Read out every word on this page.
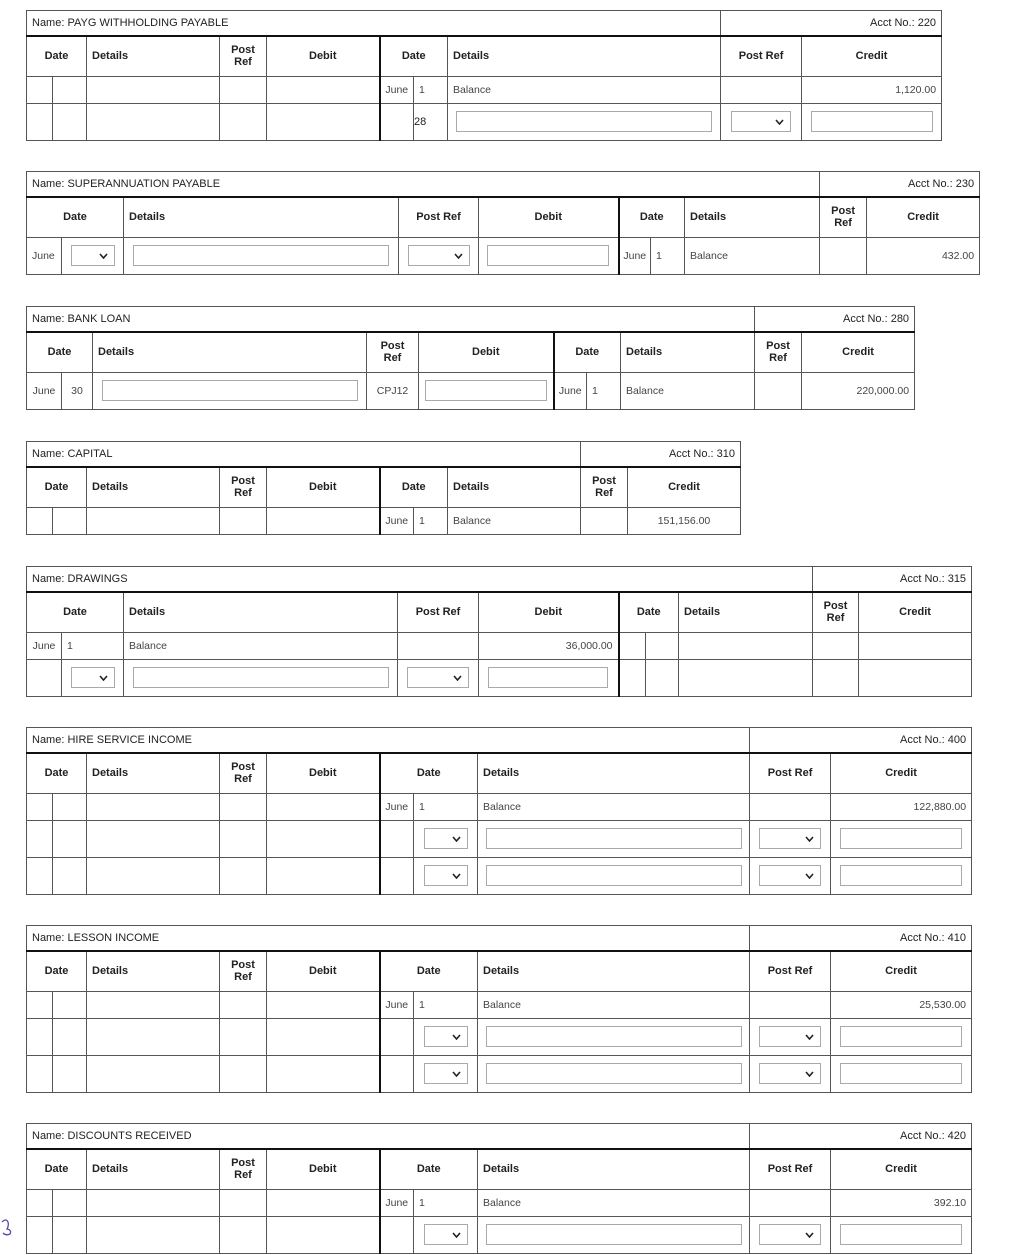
Name: PAYG WITHHOLDING PAYABLE								Acct No.: 220	
Date		Details	Post
Ref	Debit	Date		Details	Post Ref	Credit
					June	1	Balance		1,120.00
						28	

Name: SUPERANNUATION PAYABLE								Acct No.: 230	
Date		Details	Post Ref	Debit	Date		Details	Post
Ref	Credit
June					June	1	Balance		432.00
Name: BANK LOAN								Acct No.: 280	
Date		Details	Post
Ref	Debit	Date		Details	Post
Ref	Credit
June	30		CPJ12		June	1	Balance		220,000.00
Name: CAPITAL								Acct No.: 310	
Date		Details	Post
Ref	Debit	Date		Details	Post
Ref	Credit
					June	1	Balance		151,156.00
Name: DRAWINGS								Acct No.: 315	
Date		Details	Post Ref	Debit	Date		Details	Post
Ref	Credit
June	1	Balance		36,000.00					

Name: HIRE SERVICE INCOME								Acct No.: 400	
Date		Details	Post
Ref	Debit	Date		Details	Post Ref	Credit
					June	1	Balance		122,880.00

Name: LESSON INCOME								Acct No.: 410	
Date		Details	Post
Ref	Debit	Date		Details	Post Ref	Credit
					June	1	Balance		25,530.00

Name: DISCOUNTS RECEIVED								Acct No.: 420	
Date		Details	Post
Ref	Debit	Date		Details	Post Ref	Credit
					June	1	Balance		392.10
